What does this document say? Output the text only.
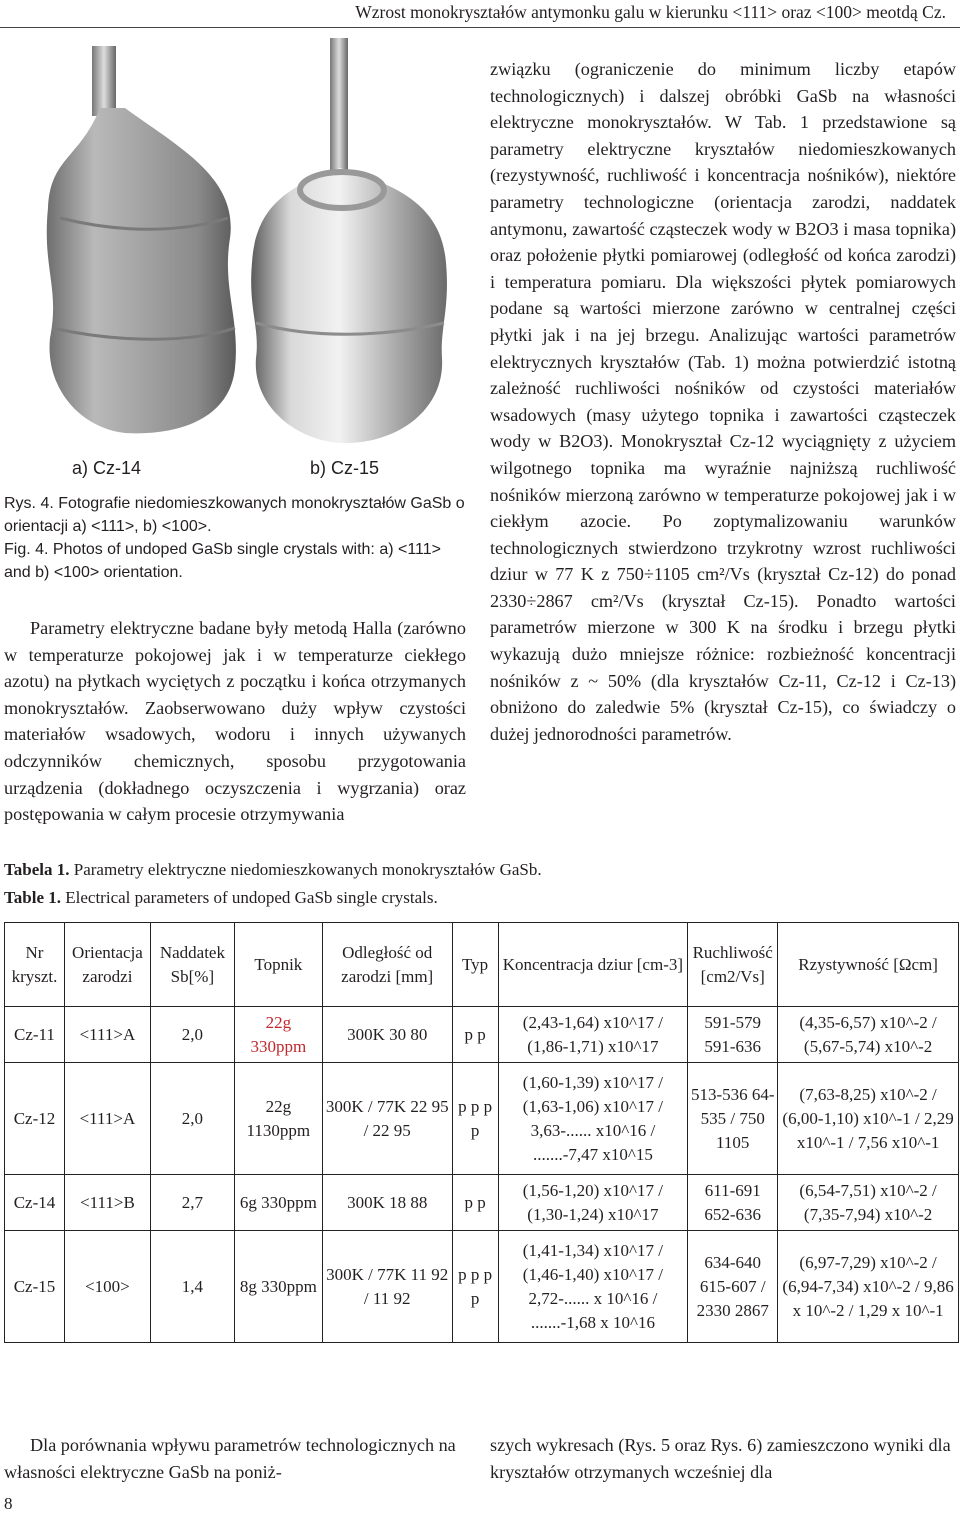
Wzrost monokryształów antymonku galu w kierunku <111> oraz <100> meotdą Cz.
a) Cz-14	b) Cz-15

Rys. 4. Fotografie niedomieszkowanych monokryształów GaSb o orientacji a) <111>, b) <100>.

Fig. 4. Photos of undoped GaSb single crystals with: a) <111> and b) <100> orientation.

Parametry elektryczne badane były metodą Halla (zarówno w temperaturze pokojowej jak i w temperaturze ciekłego azotu) na płytkach wyciętych z początku i końca otrzymanych monokryształów. Zaobserwowano duży wpływ czystości materiałów wsadowych, wodoru i innych używanych odczynników chemicznych, sposobu przygotowania urządzenia (dokładnego oczyszczenia i wygrzania) oraz postępowania w całym procesie otrzymywania

związku (ograniczenie do minimum liczby etapów technologicznych) i dalszej obróbki GaSb na własności elektryczne monokryształów. W Tab. 1 przedstawione są parametry elektryczne kryształów niedomieszkowanych (rezystywność, ruchliwość i koncentracja nośników), niektóre parametry technologiczne (orientacja zarodzi, naddatek antymonu, zawartość cząsteczek wody w B2O3 i masa topnika) oraz położenie płytki pomiarowej (odległość od końca zarodzi) i temperatura pomiaru. Dla większości płytek pomiarowych podane są wartości mierzone zarówno w centralnej części płytki jak i na jej brzegu. Analizując wartości parametrów elektrycznych kryształów (Tab. 1) można potwierdzić istotną zależność ruchliwości nośników od czystości materiałów wsadowych (masy użytego topnika i zawartości cząsteczek wody w B2O3). Monokryształ Cz-12 wyciągnięty z użyciem wilgotnego topnika ma wyraźnie najniższą ruchliwość nośników mierzoną zarówno w temperaturze pokojowej jak i w ciekłym azocie. Po zoptymalizowaniu warunków technologicznych stwierdzono trzykrotny wzrost ruchliwości dziur w 77 K z 750÷1105 cm²/Vs (kryształ Cz-12) do ponad 2330÷2867 cm²/Vs (kryształ Cz-15). Ponadto wartości parametrów mierzone w 300 K na środku i brzegu płytki wykazują dużo mniejsze różnice: rozbieżność koncentracji nośników z ~ 50% (dla kryształów Cz-11, Cz-12 i Cz-13) obniżono do zaledwie 5% (kryształ Cz-15), co świadczy o dużej jednorodności parametrów.

Tabela 1. Parametry elektryczne niedomieszkowanych monokryształów GaSb.
Table 1. Electrical parameters of undoped GaSb single crystals.
Nr kryszt.	Orientacja zarodzi	Naddatek Sb[%]	Topnik	Odległość od zarodzi [mm]	Typ	Koncentracja dziur [cm-3]	Ruchliwość [cm2/Vs]	Rzystywność [Ωcm]
Cz-11	<111>A	2,0	22g 330ppm	300K 30 80	p p	(2,43-1,64) x10^17 / (1,86-1,71) x10^17	591-579 591-636	(4,35-6,57) x10^-2 / (5,67-5,74) x10^-2
Cz-12	<111>A	2,0	22g 1130ppm	300K / 77K 22 95 / 22 95	p p p p	(1,60-1,39) x10^17 / (1,63-1,06) x10^17 / 3,63-...... x10^16 / .......-7,47 x10^15	513-536 64-535 / 750 1105	(7,63-8,25) x10^-2 / (6,00-1,10) x10^-1 / 2,29 x10^-1 / 7,56 x10^-1
Cz-14	<111>B	2,7	6g 330ppm	300K 18 88	p p	(1,56-1,20) x10^17 / (1,30-1,24) x10^17	611-691 652-636	(6,54-7,51) x10^-2 / (7,35-7,94) x10^-2
Cz-15	<100>	1,4	8g 330ppm	300K / 77K 11 92 / 11 92	p p p p	(1,41-1,34) x10^17 / (1,46-1,40) x10^17 / 2,72-...... x 10^16 / .......-1,68 x 10^16	634-640 615-607 / 2330 2867	(6,97-7,29) x10^-2 / (6,94-7,34) x10^-2 / 9,86 x 10^-2 / 1,29 x 10^-1
Dla porównania wpływu parametrów technologicznych na własności elektryczne GaSb na poniż-
szych wykresach (Rys. 5 oraz Rys. 6) zamieszczono wyniki dla kryształów otrzymanych wcześniej dla
8
